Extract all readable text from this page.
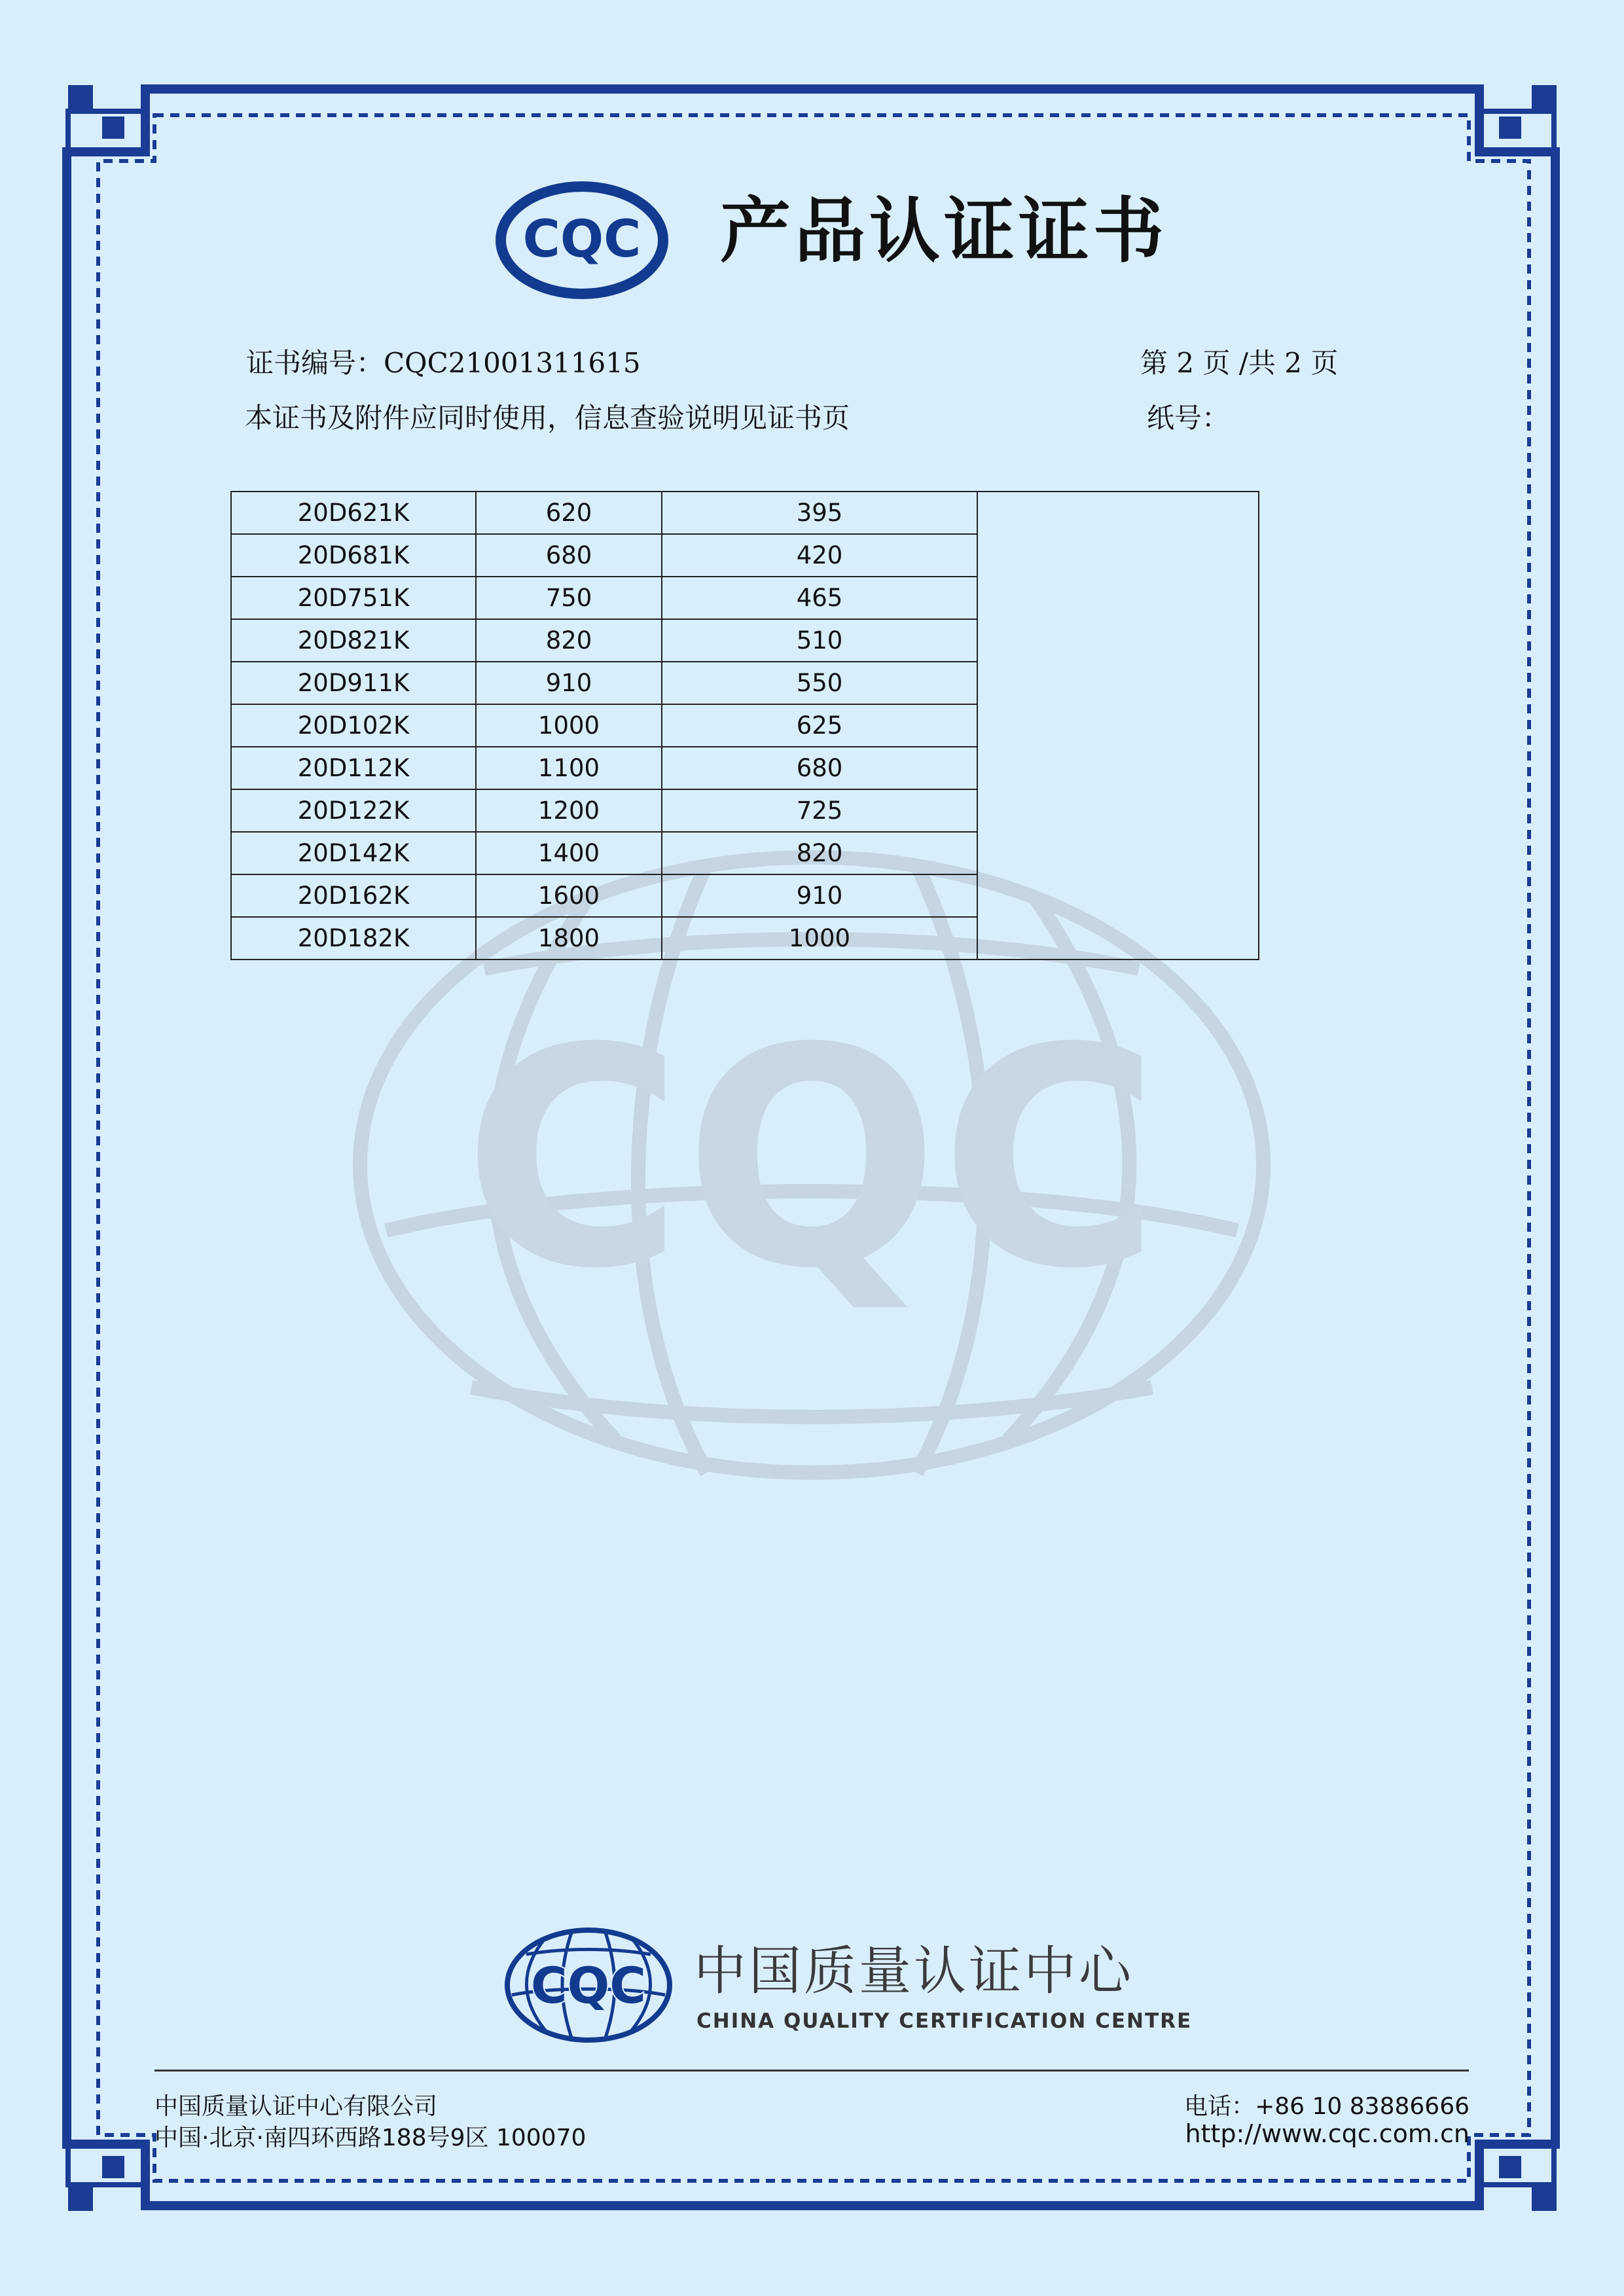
CQC
CQC 产品认证证书
证书编号：CQC21001311615	第 2 页 /共 2 页
本证书及附件应同时使用，信息查验说明见证书页	纸号：
20D621K	620	395	
20D681K	680	420	
20D751K	750	465	
20D821K	820	510	
20D911K	910	550	
20D102K	1000	625	
20D112K	1100	680	
20D122K	1200	725	
20D142K	1400	820	
20D162K	1600	910	
20D182K	1800	1000	
CQC 中国质量认证中心
CHINA QUALITY CERTIFICATION CENTRE
中国质量认证中心有限公司
中国·北京·南四环西路188号9区 100070
电话：+86 10 83886666
http://www.cqc.com.cn
